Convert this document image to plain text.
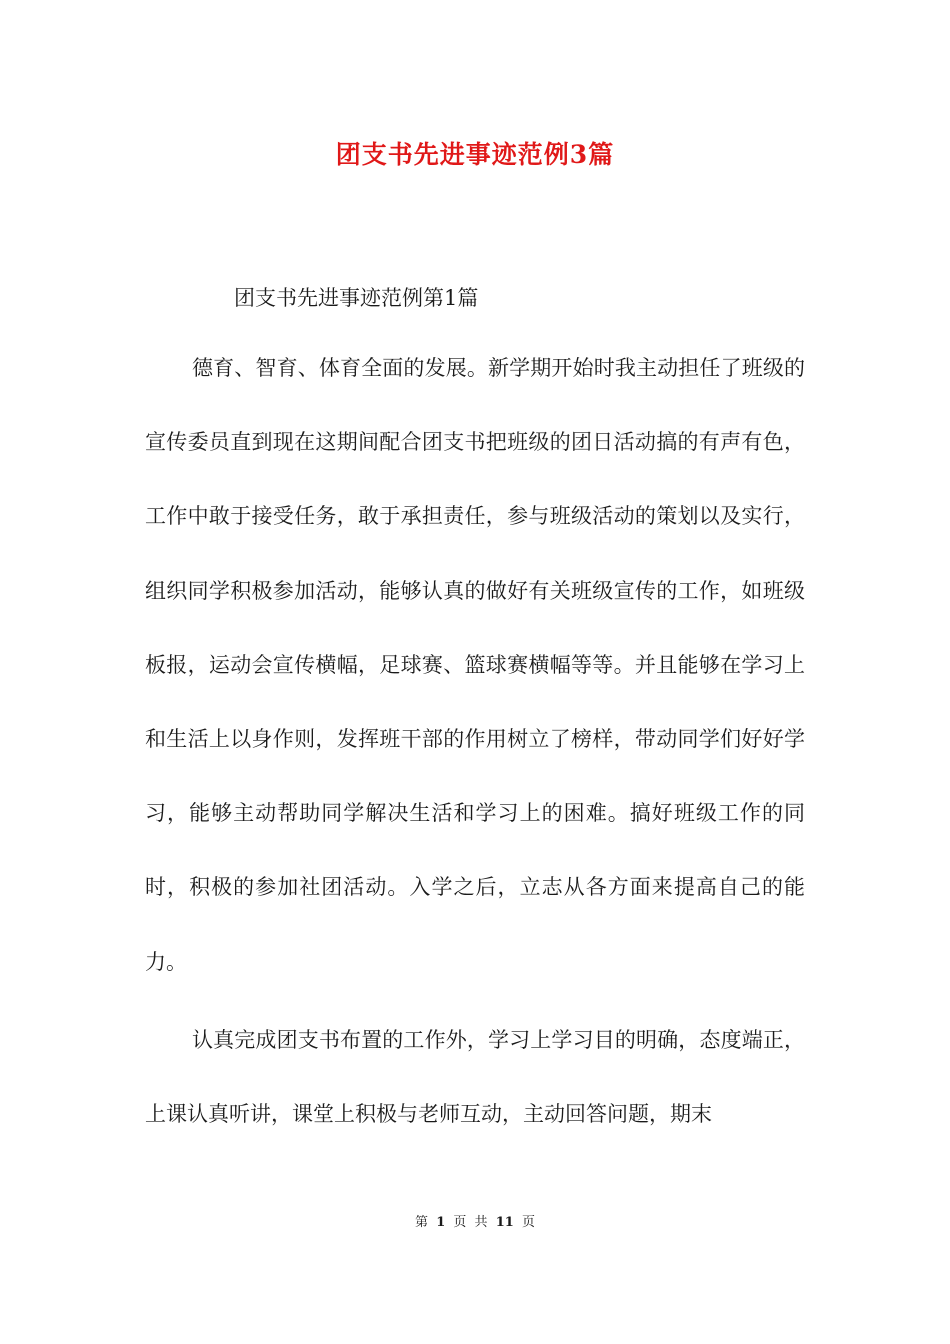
团支书先进事迹范例3篇
团支书先进事迹范例第1篇

德育、智育、体育全面的发展。新学期开始时我主动担任了班级的宣传委员直到现在这期间配合团支书把班级的团日活动搞的有声有色，工作中敢于接受任务，敢于承担责任，参与班级活动的策划以及实行，组织同学积极参加活动，能够认真的做好有关班级宣传的工作，如班级板报，运动会宣传横幅，足球赛、篮球赛横幅等等。并且能够在学习上和生活上以身作则，发挥班干部的作用树立了榜样，带动同学们好好学习，能够主动帮助同学解决生活和学习上的困难。搞好班级工作的同时，积极的参加社团活动。入学之后，立志从各方面来提高自己的能力。

认真完成团支书布置的工作外，学习上学习目的明确，态度端正，上课认真听讲，课堂上积极与老师互动，主动回答问题，期末

第 1 页 共 11 页
